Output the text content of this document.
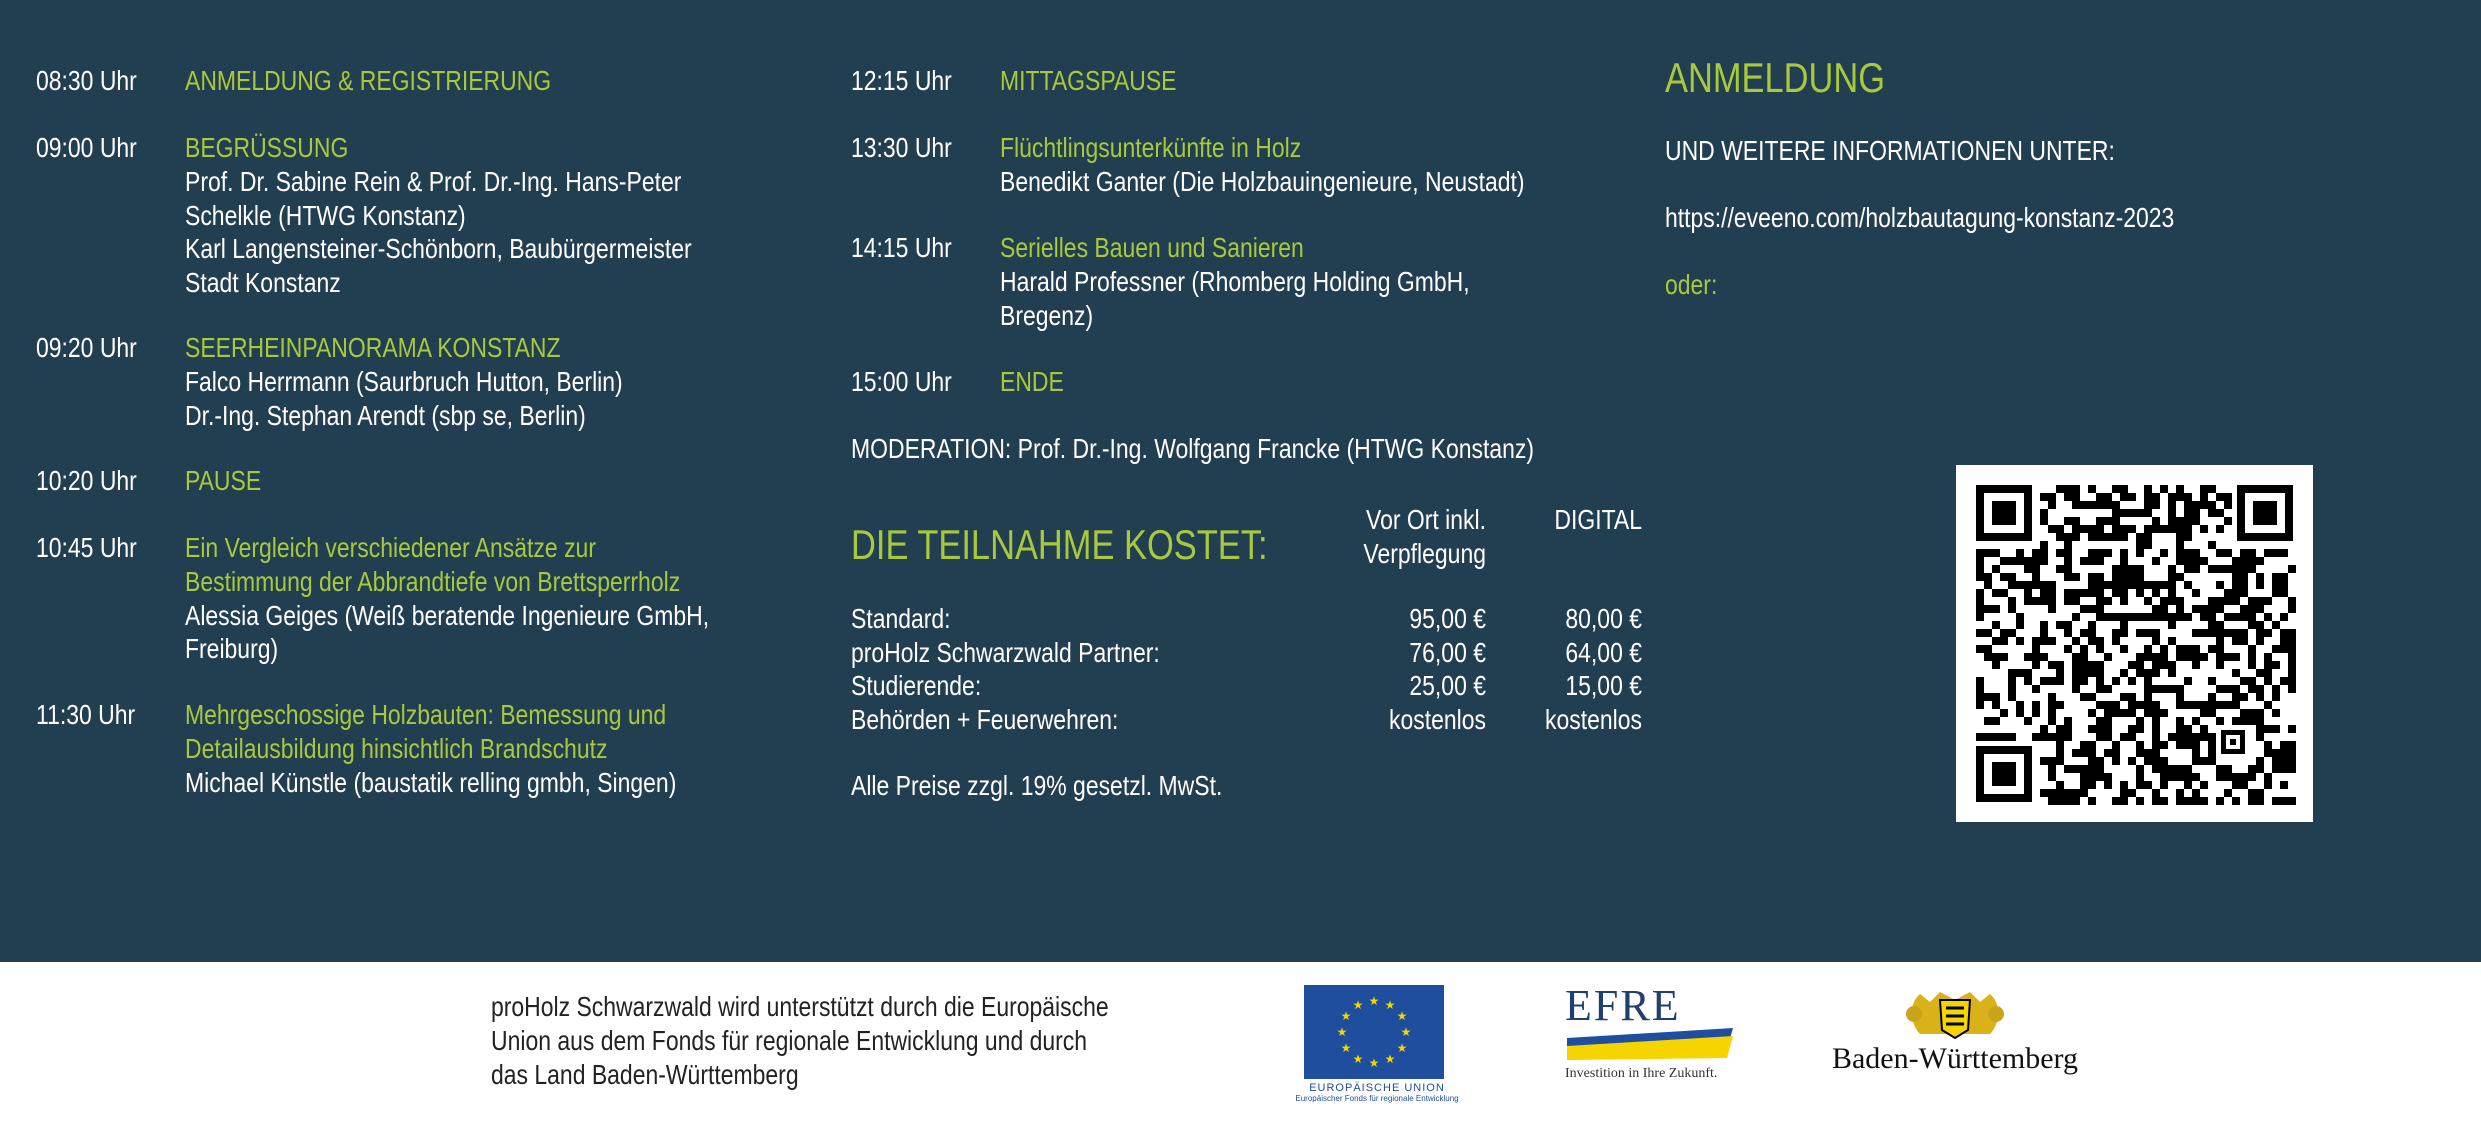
08:30 Uhr	ANMELDUNG & REGISTRIERUNG
09:00 Uhr	BEGRÜSSUNG
Prof. Dr. Sabine Rein & Prof. Dr.-Ing. Hans-Peter
Schelkle (HTWG Konstanz)
Karl Langensteiner-Schönborn, Baubürgermeister
Stadt Konstanz
09:20 Uhr	SEERHEINPANORAMA KONSTANZ
Falco Herrmann (Saurbruch Hutton, Berlin)
Dr.-Ing. Stephan Arendt (sbp se, Berlin)
10:20 Uhr	PAUSE
10:45 Uhr	Ein Vergleich verschiedener Ansätze zur
Bestimmung der Abbrandtiefe von Brettsperrholz
Alessia Geiges (Weiß beratende Ingenieure GmbH,
Freiburg)
11:30 Uhr	Mehrgeschossige Holzbauten: Bemessung und
Detailausbildung hinsichtlich Brandschutz
Michael Künstle (baustatik relling gmbh, Singen)
12:15 Uhr	MITTAGSPAUSE
13:30 Uhr	Flüchtlingsunterkünfte in Holz
Benedikt Ganter (Die Holzbauingenieure, Neustadt)
14:15 Uhr	Serielles Bauen und Sanieren
Harald Professner (Rhomberg Holding GmbH,
Bregenz)
15:00 Uhr	ENDE
MODERATION: Prof. Dr.-Ing. Wolfgang Francke (HTWG Konstanz)
DIE TEILNAHME KOSTET:
Vor Ort inkl.
Verpflegung
DIGITAL
Standard:	95,00 €	80,00 €
proHolz Schwarzwald Partner:	76,00 €	64,00 €
Studierende:	25,00 €	15,00 €
Behörden + Feuerwehren:	kostenlos	kostenlos
Alle Preise zzgl. 19% gesetzl. MwSt.
ANMELDUNG
UND WEITERE INFORMATIONEN UNTER:
https://eveeno.com/holzbautagung-konstanz-2023
oder:
proHolz Schwarzwald wird unterstützt durch die Europäische
Union aus dem Fonds für regionale Entwicklung und durch
das Land Baden-Württemberg
★ ★
★
★
★
★
★
★
★
★
★
★
EUROPÄISCHE UNION
Europäischer Fonds für regionale Entwicklung
EFRE
Investition in Ihre Zukunft.	Baden-Württemberg
